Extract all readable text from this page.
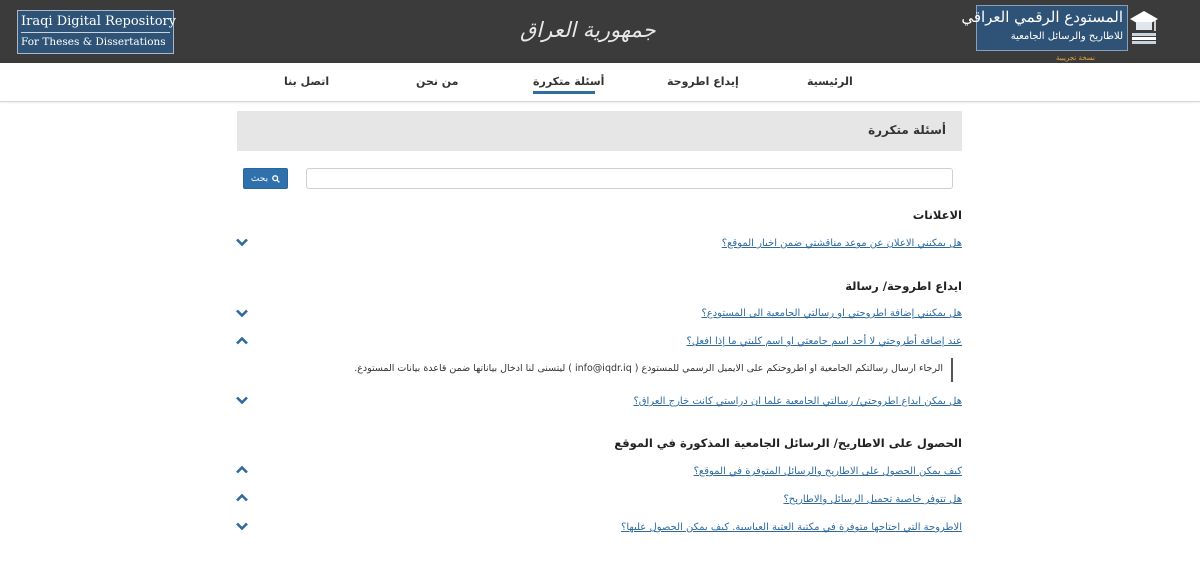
Iraqi Digital Repository
For Theses & Dissertations	جمهورية العراق
المستودع الرقمي العراقي
للاطاريح والرسائل الجامعية
نسخة تجريبية
الرئيسية
إيداع اطروحة
أسئلة متكررة
من نحن
اتصل بنا
أسئلة متكررة
بحث
الاعلانات
هل يمكنني الاعلان عن موعد مناقشتي ضمن اخبار الموقع؟
ايداع اطروحة/ رسالة
هل يمكنني إضافة اطروحتي او رسالتي الجامعية الى المستودع؟
عند إضافة أطروحتي لا أجد اسم جامعتي او اسم كليتي ما إذا افعل؟
الرجاء ارسال رسالتكم الجامعية او اطروحتكم على الايميل الرسمي للمستودع ( info@iqdr.iq ) ليتسنى لنا ادخال بياناتها ضمن قاعدة بيانات المستودع.
هل يمكن ايداع اطروحتي/ رسالتي الجامعية علما ان دراستي كانت خارج العراق؟
الحصول على الاطاريح/ الرسائل الجامعية المذكورة في الموقع
كيف يمكن الحصول على الاطاريح والرسائل المتوفرة في الموقع؟
هل تتوفر خاصية تحميل الرسائل والاطاريح؟
الاطروحة التي احتاجها متوفرة في مكتبة العتبة العباسية. كيف يمكن الحصول عليها؟
